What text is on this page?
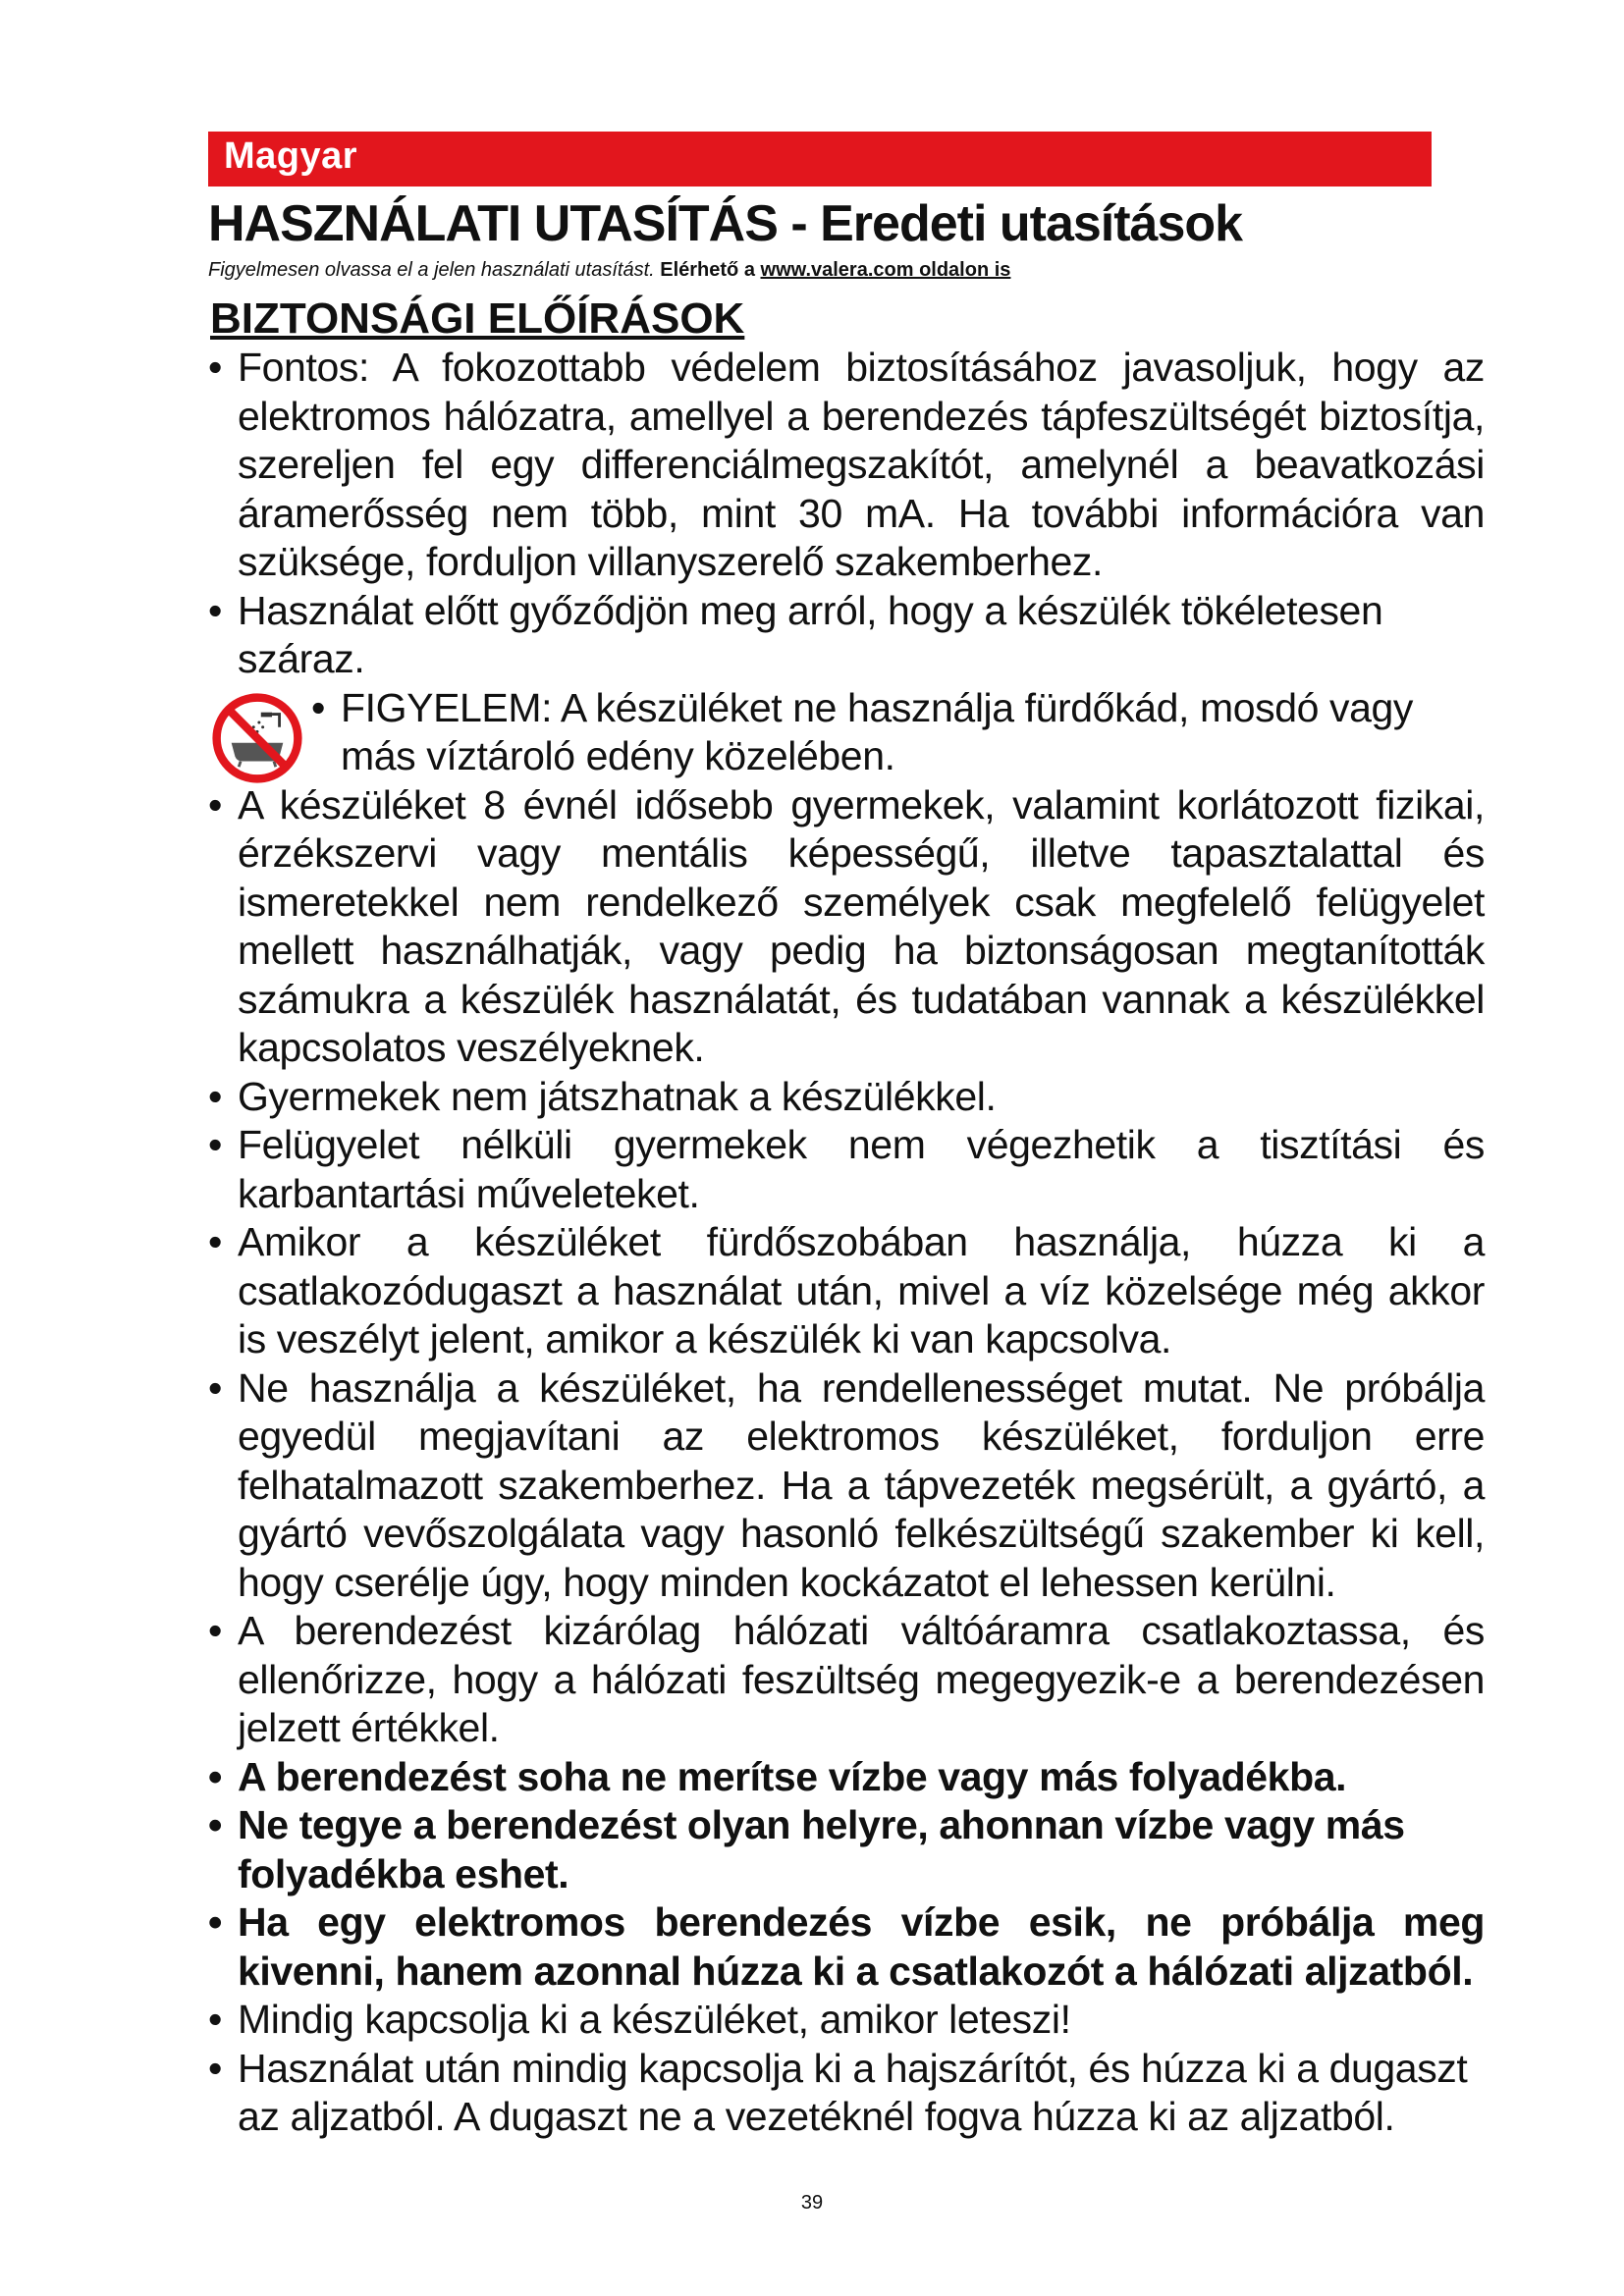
Magyar
HASZNÁLATI UTASÍTÁS - Eredeti utasítások
Figyelmesen olvassa el a jelen használati utasítást. Elérhető a www.valera.com oldalon is
BIZTONSÁGI ELŐÍRÁSOK
• Fontos: A fokozottabb védelem biztosításához javasoljuk, hogy az elektromos hálózatra, amellyel a berendezés tápfeszültségét biztosítja, szereljen fel egy differenciálmegszakítót, amelynél a beavatkozási áramerősség nem több, mint 30 mA. Ha további információra van szüksége, forduljon villanyszerelő szakemberhez.
• Használat előtt győződjön meg arról, hogy a készülék tökéletesen száraz.
• FIGYELEM: A készüléket ne használja fürdőkád, mosdó vagy más víztároló edény közelében.
• A készüléket 8 évnél idősebb gyermekek, valamint korlátozott fizikai, érzékszervi vagy mentális képességű, illetve tapasztalattal és ismeretekkel nem rendelkező személyek csak megfelelő felügyelet mellett használhatják, vagy pedig ha biztonságosan megtanították számukra a készülék használatát, és tudatában vannak a készülékkel kapcsolatos veszélyeknek.
• Gyermekek nem játszhatnak a készülékkel.
• Felügyelet nélküli gyermekek nem végezhetik a tisztítási és karbantartási műveleteket.
• Amikor a készüléket fürdőszobában használja, húzza ki a csatlakozódugaszt a használat után, mivel a víz közelsége még akkor is veszélyt jelent, amikor a készülék ki van kapcsolva.
• Ne használja a készüléket, ha rendellenességet mutat. Ne próbálja egyedül megjavítani az elektromos készüléket, forduljon erre felhatalmazott szakemberhez. Ha a tápvezeték megsérült, a gyártó, a gyártó vevőszolgálata vagy hasonló felkészültségű szakember ki kell, hogy cserélje úgy, hogy minden kockázatot el lehessen kerülni.
• A berendezést kizárólag hálózati váltóáramra csatlakoztassa, és ellenőrizze, hogy a hálózati feszültség megegyezik-e a berendezésen jelzett értékkel.
• A berendezést soha ne merítse vízbe vagy más folyadékba.
• Ne tegye a berendezést olyan helyre, ahonnan vízbe vagy más folyadékba eshet.
• Ha egy elektromos berendezés vízbe esik, ne próbálja meg kivenni, hanem azonnal húzza ki a csatlakozót a hálózati aljzatból.
• Mindig kapcsolja ki a készüléket, amikor leteszi!
• Használat után mindig kapcsolja ki a hajszárítót, és húzza ki a dugaszt az aljzatból. A dugaszt ne a vezetéknél fogva húzza ki az aljzatból.
39
